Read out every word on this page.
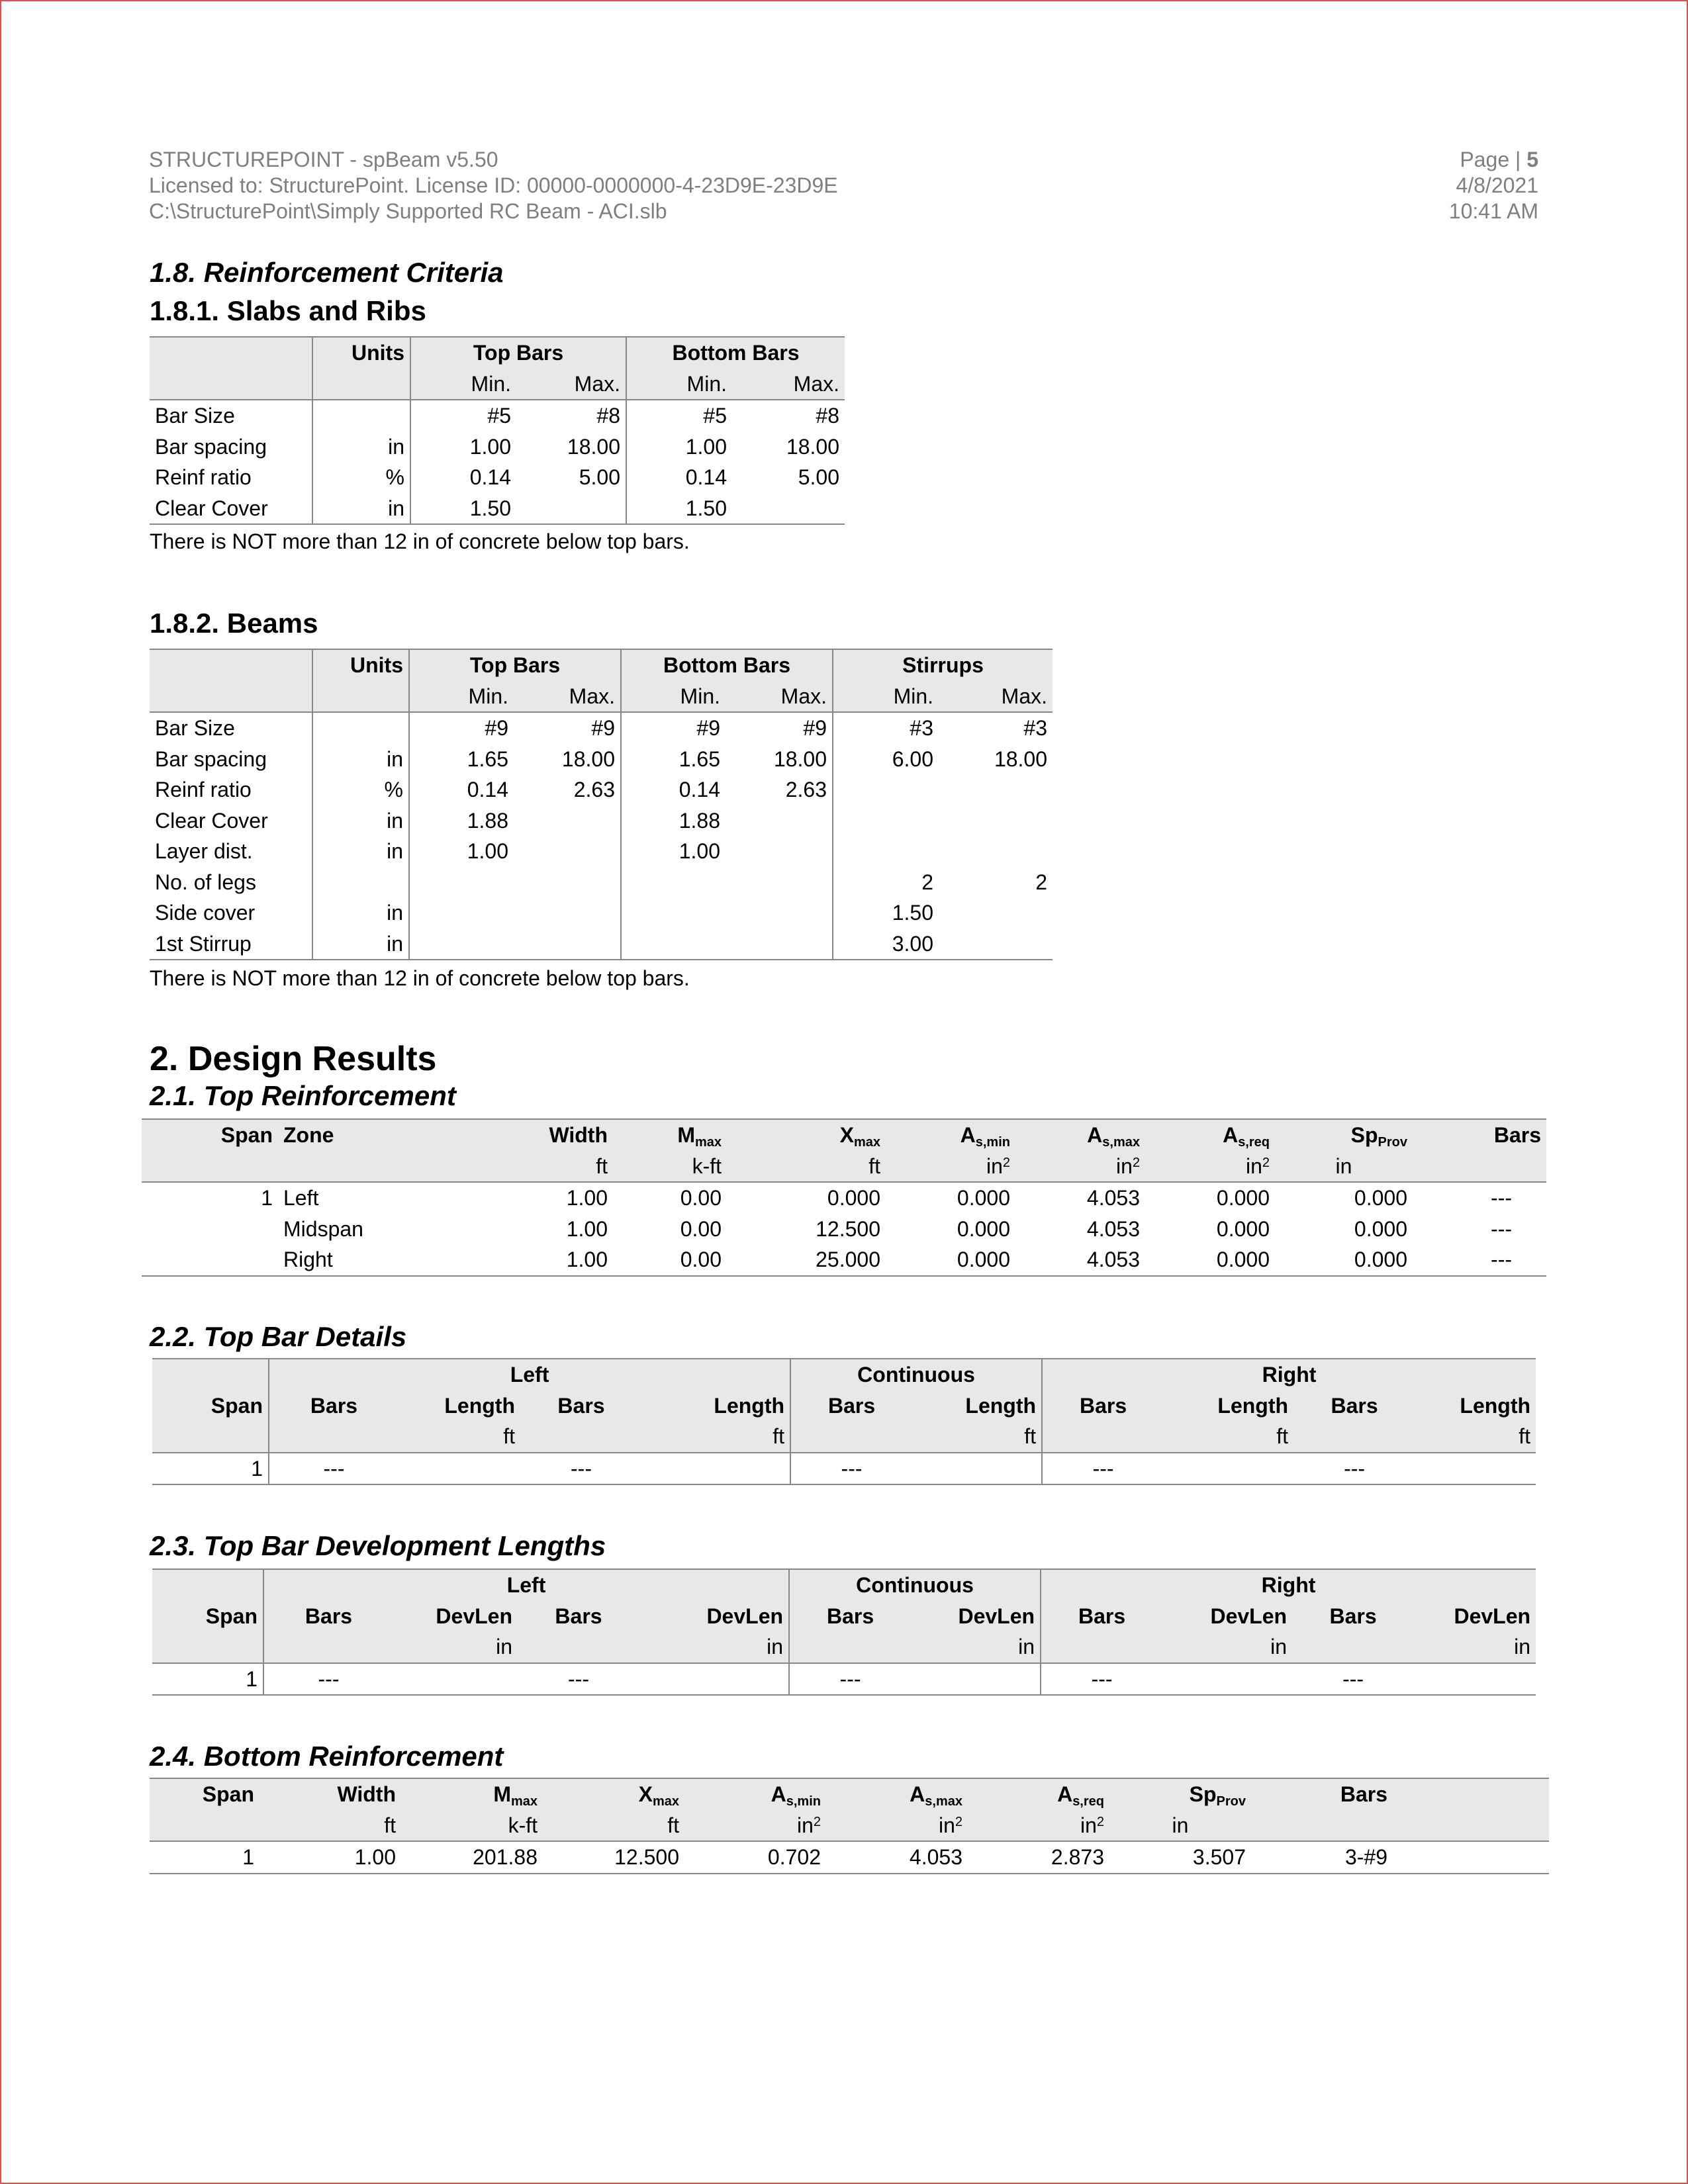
STRUCTUREPOINT - spBeam v5.50
Licensed to: StructurePoint. License ID: 00000-0000000-4-23D9E-23D9E
C:\StructurePoint\Simply Supported RC Beam - ACI.slb
Page | 5
4/8/2021
10:41 AM
1.8. Reinforcement Criteria
1.8.1. Slabs and Ribs
	Units	Top Bars		Bottom Bars	
		Min.	Max.	Min.	Max.
Bar Size		#5	#8	#5	#8
Bar spacing	in	1.00	18.00	1.00	18.00
Reinf ratio	%	0.14	5.00	0.14	5.00
Clear Cover	in	1.50		1.50	
There is NOT more than 12 in of concrete below top bars.
1.8.2. Beams
	Units	Top Bars		Bottom Bars		Stirrups	
		Min.	Max.	Min.	Max.	Min.	Max.
Bar Size		#9	#9	#9	#9	#3	#3
Bar spacing	in	1.65	18.00	1.65	18.00	6.00	18.00
Reinf ratio	%	0.14	2.63	0.14	2.63		
Clear Cover	in	1.88		1.88			
Layer dist.	in	1.00		1.00			
No. of legs						2	2
Side cover	in					1.50	
1st Stirrup	in					3.00	
There is NOT more than 12 in of concrete below top bars.
2. Design Results
2.1. Top Reinforcement
Span	Zone	Width	$M_{max}$	$X_{max}$	$A_{s,min}$	$A_{s,max}$	$A_{s,req}$	$Sp_{Prov}$	Bars
		ft	k-ft	ft	$in^2$	$in^2$	$in^2$	in	
1	Left	1.00	0.00	0.000	0.000	4.053	0.000	0.000	---
	Midspan	1.00	0.00	12.500	0.000	4.053	0.000	0.000	---
	Right	1.00	0.00	25.000	0.000	4.053	0.000	0.000	---
2.2. Top Bar Details
	Left				Continuous		Right			
Span	Bars	Length	Bars	Length	Bars	Length	Bars	Length	Bars	Length
		ft		ft		ft		ft		ft
1	---		---		---		---		---	
2.3. Top Bar Development Lengths
	Left				Continuous		Right			
Span	Bars	DevLen	Bars	DevLen	Bars	DevLen	Bars	DevLen	Bars	DevLen
		in		in		in		in		in
1	---		---		---		---		---	
2.4. Bottom Reinforcement
Span	Width	$M_{max}$	$X_{max}$	$A_{s,min}$	$A_{s,max}$	$A_{s,req}$	$Sp_{Prov}$	Bars	
	ft	k-ft	ft	$in^2$	$in^2$	$in^2$	in		
1	1.00	201.88	12.500	0.702	4.053	2.873	3.507	3-#9	
